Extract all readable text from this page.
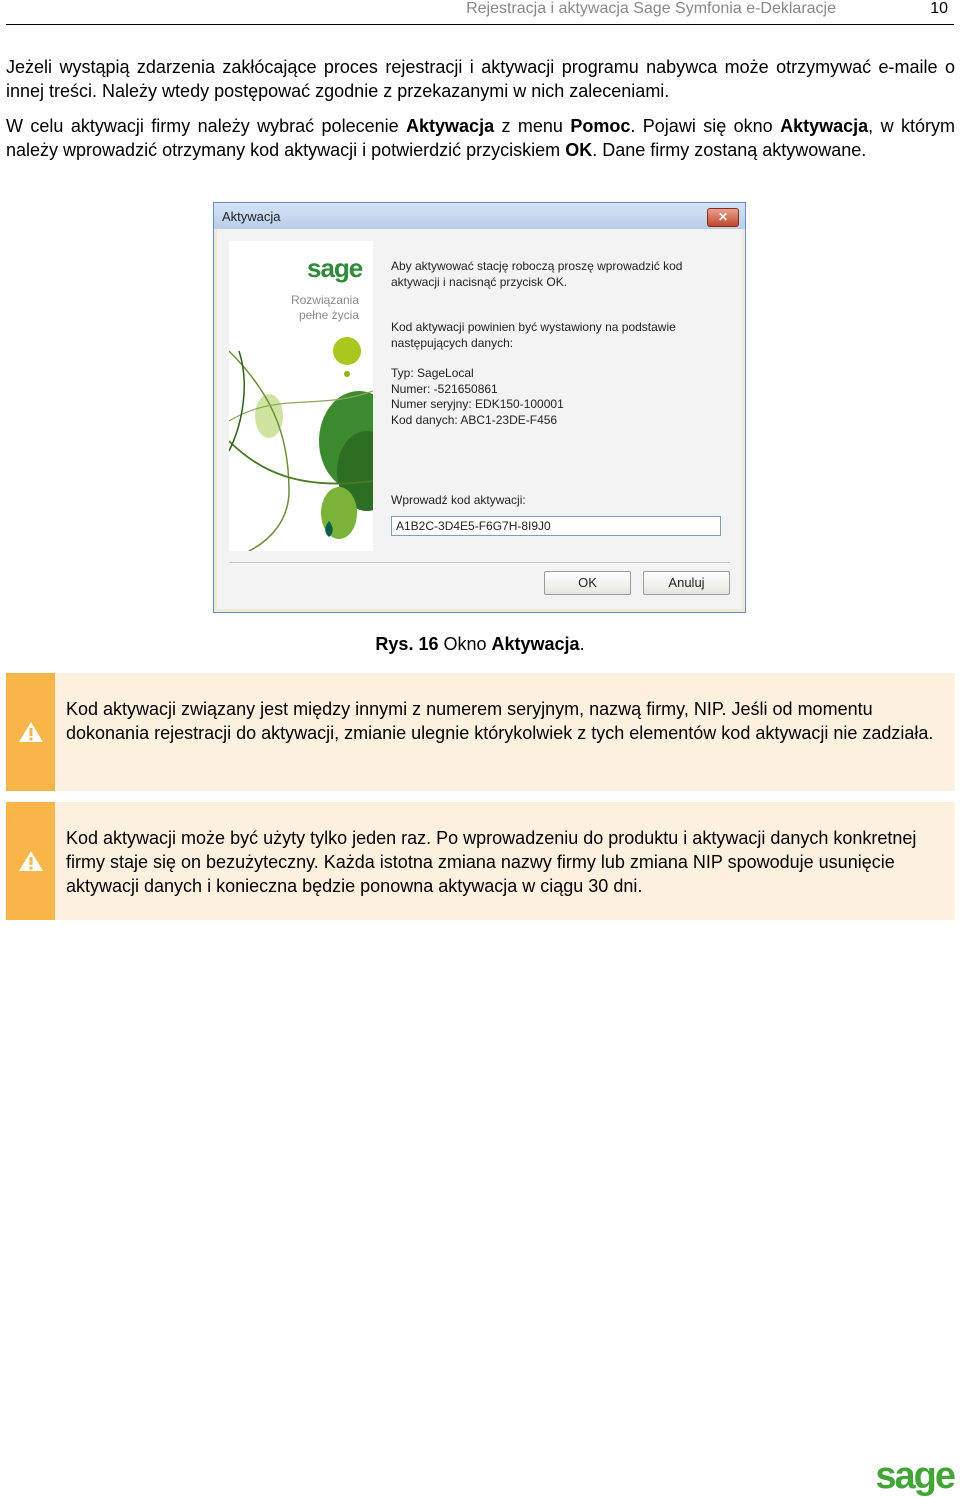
Rejestracja i aktywacja Sage Symfonia e-Deklaracje	10

Jeżeli wystąpią zdarzenia zakłócające proces rejestracji i aktywacji programu nabywca może otrzymywać e-maile o innej treści. Należy wtedy postępować zgodnie z przekazanymi w nich zaleceniami.

W celu aktywacji firmy należy wybrać polecenie Aktywacja z menu Pomoc. Pojawi się okno Aktywacja, w którym należy wprowadzić otrzymany kod aktywacji i potwierdzić przyciskiem OK. Dane firmy zostaną aktywowane.

Aktywacja	✕
sage
Rozwiązania
pełne życia
Aby aktywować stację roboczą proszę wprowadzić kod
aktywacji i nacisnąć przycisk OK.
Kod aktywacji powinien być wystawiony na podstawie
następujących danych:
Typ: SageLocal
Numer: -521650861
Numer seryjny: EDK150-100001
Kod danych: ABC1-23DE-F456
Wprowadź kod aktywacji:
A1B2C-3D4E5-F6G7H-8I9J0
OK	Anuluj
Rys. 16 Okno Aktywacja.

Kod aktywacji związany jest między innymi z numerem seryjnym, nazwą firmy, NIP. Jeśli od momentu dokonania rejestracji do aktywacji, zmianie ulegnie którykolwiek z tych elementów kod aktywacji nie zadziała.

Kod aktywacji może być użyty tylko jeden raz. Po wprowadzeniu do produktu i aktywacji danych konkretnej firmy staje się on bezużyteczny. Każda istotna zmiana nazwy firmy lub zmiana NIP spowoduje usunięcie aktywacji danych i konieczna będzie ponowna aktywacja w ciągu 30 dni.

sage
